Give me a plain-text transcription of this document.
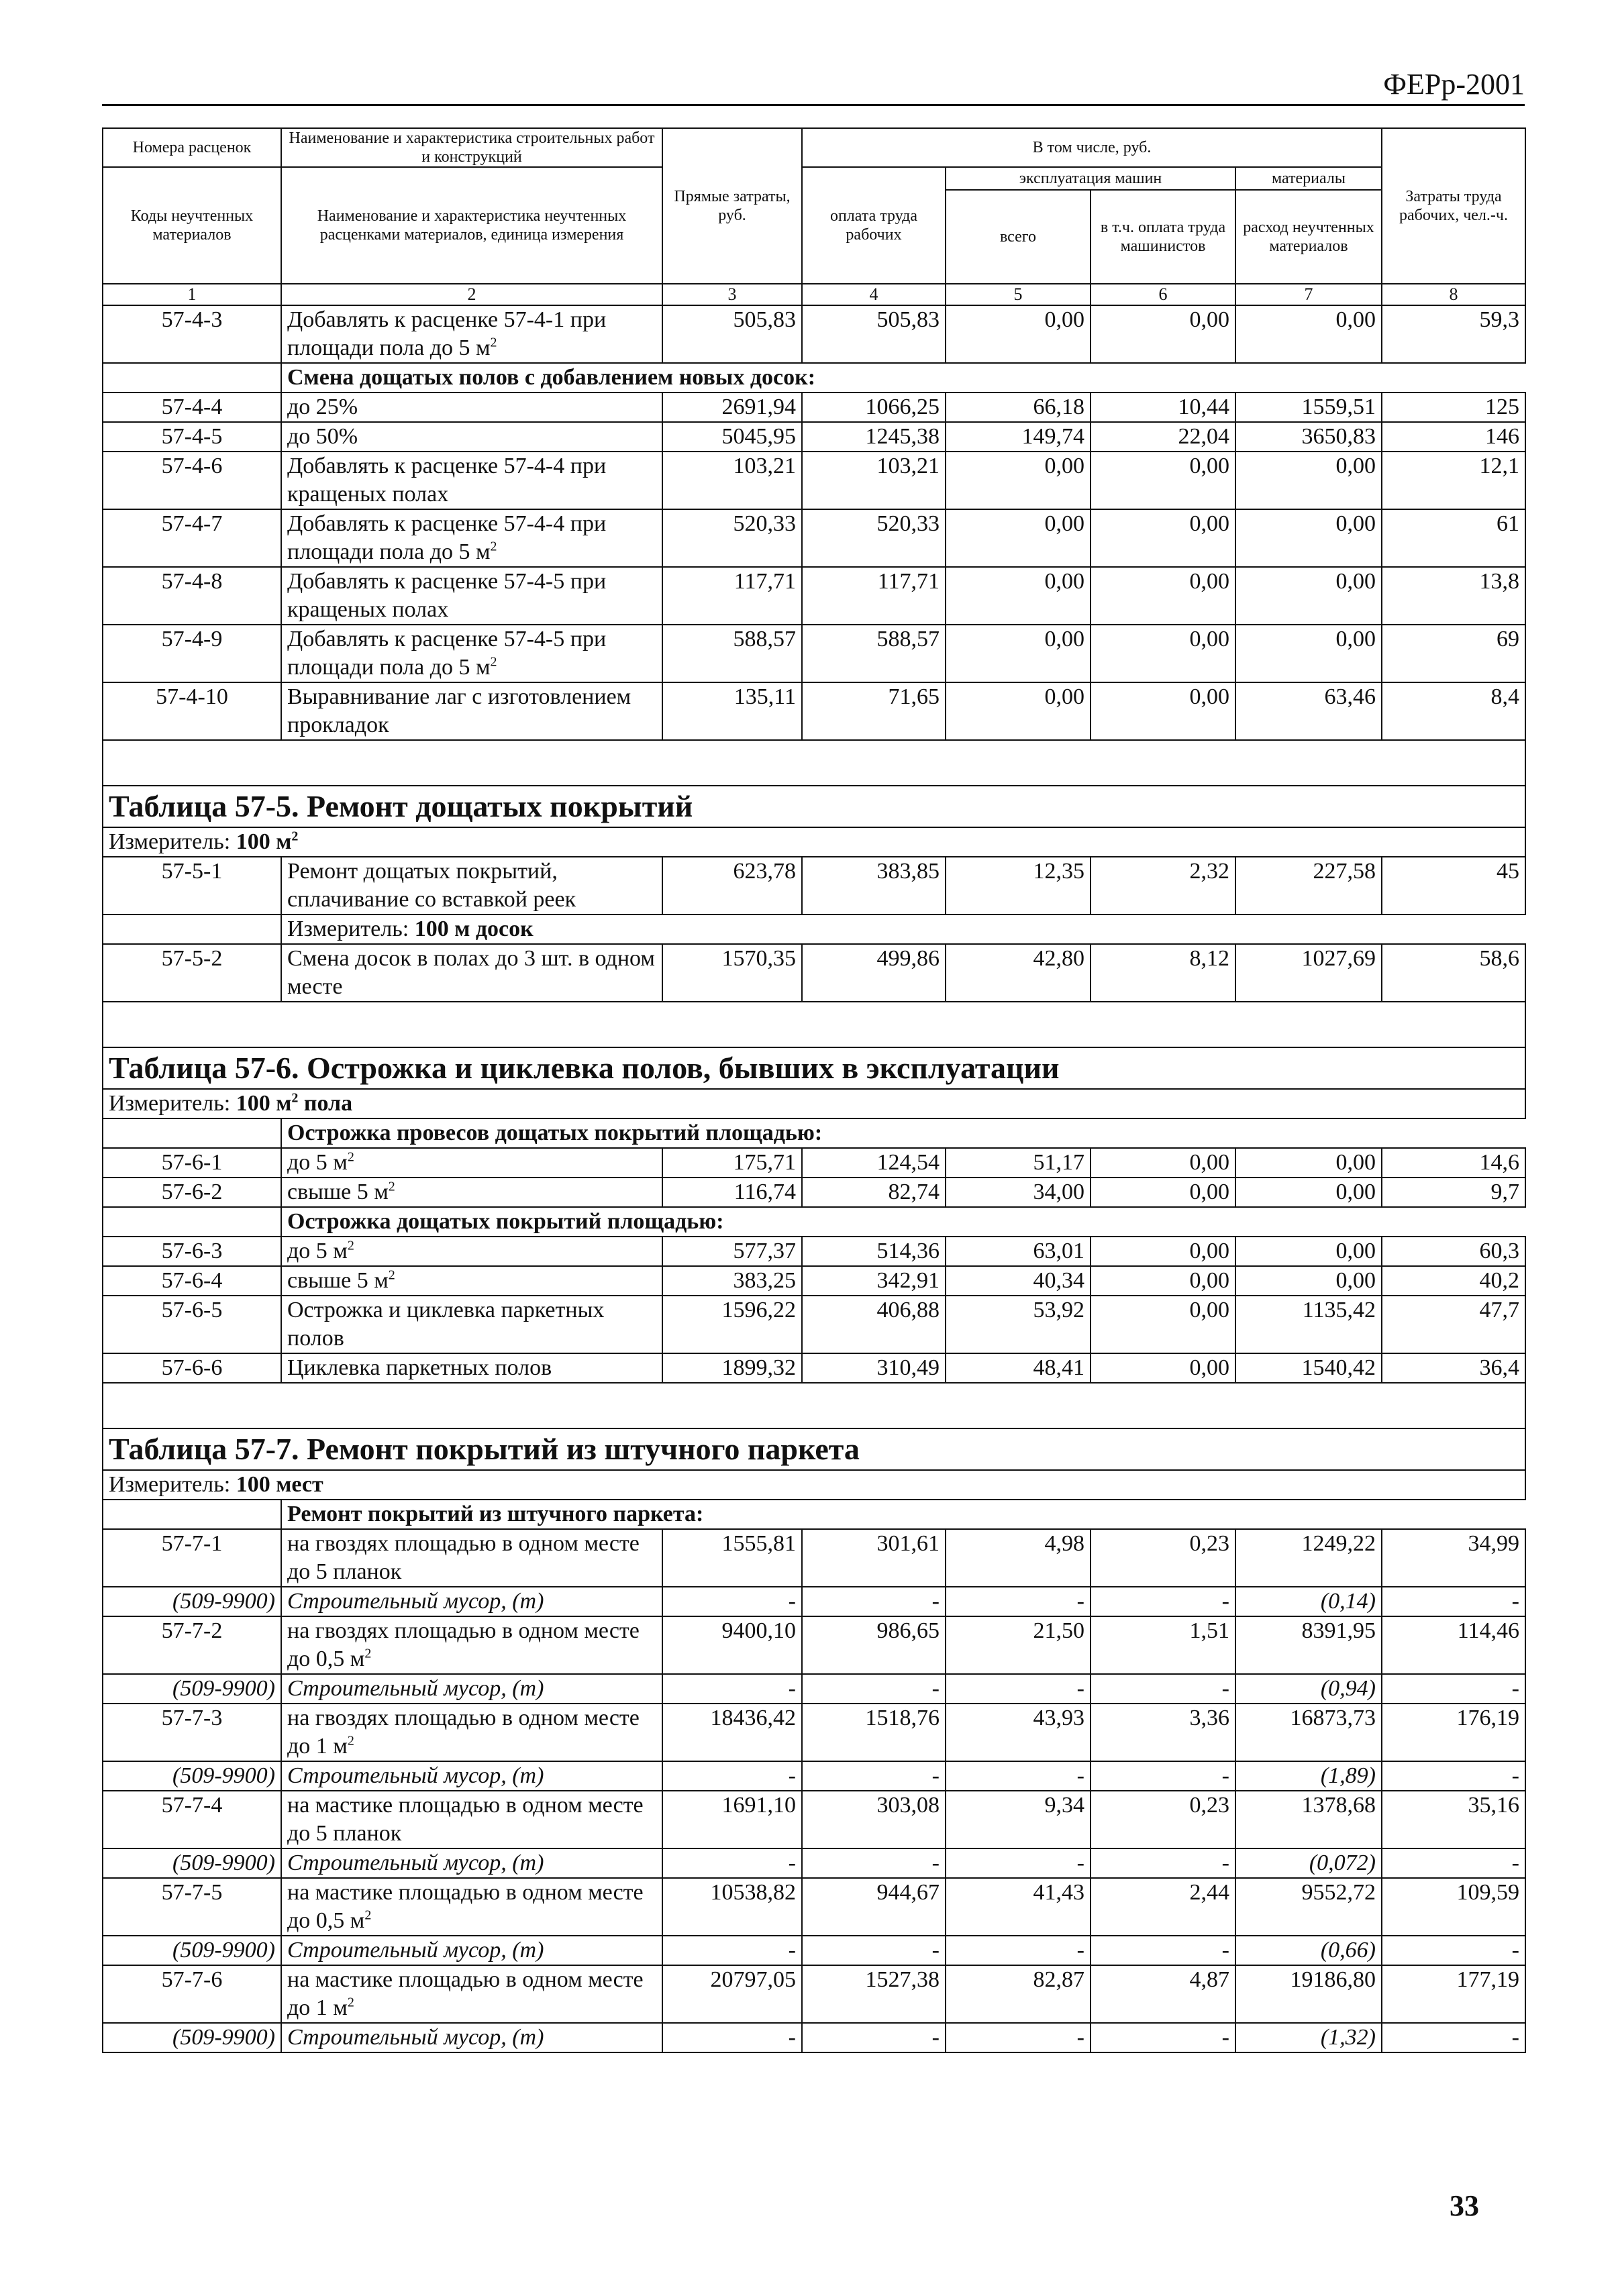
ФЕРр-2001
Номера расценок	Наименование и характеристика строительных работ и конструкций	Прямые затраты, руб.	В том числе, руб.				Затраты труда рабочих, чел.-ч.
Коды неучтенных материалов	Наименование и характеристика неучтенных расценками материалов, единица измерения		оплата труда рабочих	эксплуатация машин		материалы	
				всего	в т.ч. оплата труда машинистов	расход неучтенных материалов	
1	2	3	4	5	6	7	8
57-4-3	Добавлять к расценке 57-4-1 при площади пола до 5 $м^2$	505,83	505,83	0,00	0,00	0,00	59,3
	Смена дощатых полов с добавлением новых досок:						
57-4-4	до 25%	2691,94	1066,25	66,18	10,44	1559,51	125
57-4-5	до 50%	5045,95	1245,38	149,74	22,04	3650,83	146
57-4-6	Добавлять к расценке 57-4-4 при кращеных полах	103,21	103,21	0,00	0,00	0,00	12,1
57-4-7	Добавлять к расценке 57-4-4 при площади пола до 5 $м^2$	520,33	520,33	0,00	0,00	0,00	61
57-4-8	Добавлять к расценке 57-4-5 при кращеных полах	117,71	117,71	0,00	0,00	0,00	13,8
57-4-9	Добавлять к расценке 57-4-5 при площади пола до 5 $м^2$	588,57	588,57	0,00	0,00	0,00	69
57-4-10	Выравнивание лаг с изготовлением прокладок	135,11	71,65	0,00	0,00	63,46	8,4

Таблица 57-5. Ремонт дощатых покрытий							
Измеритель: 100 $м^2$
57-5-1	Ремонт дощатых покрытий, сплачивание со вставкой реек	623,78	383,85	12,35	2,32	227,58	45
	Измеритель: 100 м досок						
57-5-2	Смена досок в полах до 3 шт. в одном месте	1570,35	499,86	42,80	8,12	1027,69	58,6

Таблица 57-6. Острожка и циклевка полов, бывших в эксплуатации							
Измеритель: 100 $м^2$ пола							
	Острожка провесов дощатых покрытий площадью:						
57-6-1	до 5 $м^2$	175,71	124,54	51,17	0,00	0,00	14,6
57-6-2	свыше 5 $м^2$	116,74	82,74	34,00	0,00	0,00	9,7
	Острожка дощатых покрытий площадью:						
57-6-3	до 5 $м^2$	577,37	514,36	63,01	0,00	0,00	60,3
57-6-4	свыше 5 $м^2$	383,25	342,91	40,34	0,00	0,00	40,2
57-6-5	Острожка и циклевка паркетных полов	1596,22	406,88	53,92	0,00	1135,42	47,7
57-6-6	Циклевка паркетных полов	1899,32	310,49	48,41	0,00	1540,42	36,4

Таблица 57-7. Ремонт покрытий из штучного паркета							
Измеритель: 100 мест							
	Ремонт покрытий из штучного паркета:						
57-7-1	на гвоздях площадью в одном месте до 5 планок	1555,81	301,61	4,98	0,23	1249,22	34,99
(509-9900)	Строительный мусор, (т)	-	-	-	-	(0,14)	-
57-7-2	на гвоздях площадью в одном месте до 0,5 $м^2$	9400,10	986,65	21,50	1,51	8391,95	114,46
(509-9900)	Строительный мусор, (т)	-	-	-	-	(0,94)	-
57-7-3	на гвоздях площадью в одном месте до 1 $м^2$	18436,42	1518,76	43,93	3,36	16873,73	176,19
(509-9900)	Строительный мусор, (т)	-	-	-	-	(1,89)	-
57-7-4	на мастике площадью в одном месте до 5 планок	1691,10	303,08	9,34	0,23	1378,68	35,16
(509-9900)	Строительный мусор, (т)	-	-	-	-	(0,072)	-
57-7-5	на мастике площадью в одном месте до 0,5 $м^2$	10538,82	944,67	41,43	2,44	9552,72	109,59
(509-9900)	Строительный мусор, (т)	-	-	-	-	(0,66)	-
57-7-6	на мастике площадью в одном месте до 1 $м^2$	20797,05	1527,38	82,87	4,87	19186,80	177,19
(509-9900)	Строительный мусор, (т)	-	-	-	-	(1,32)	-
33
